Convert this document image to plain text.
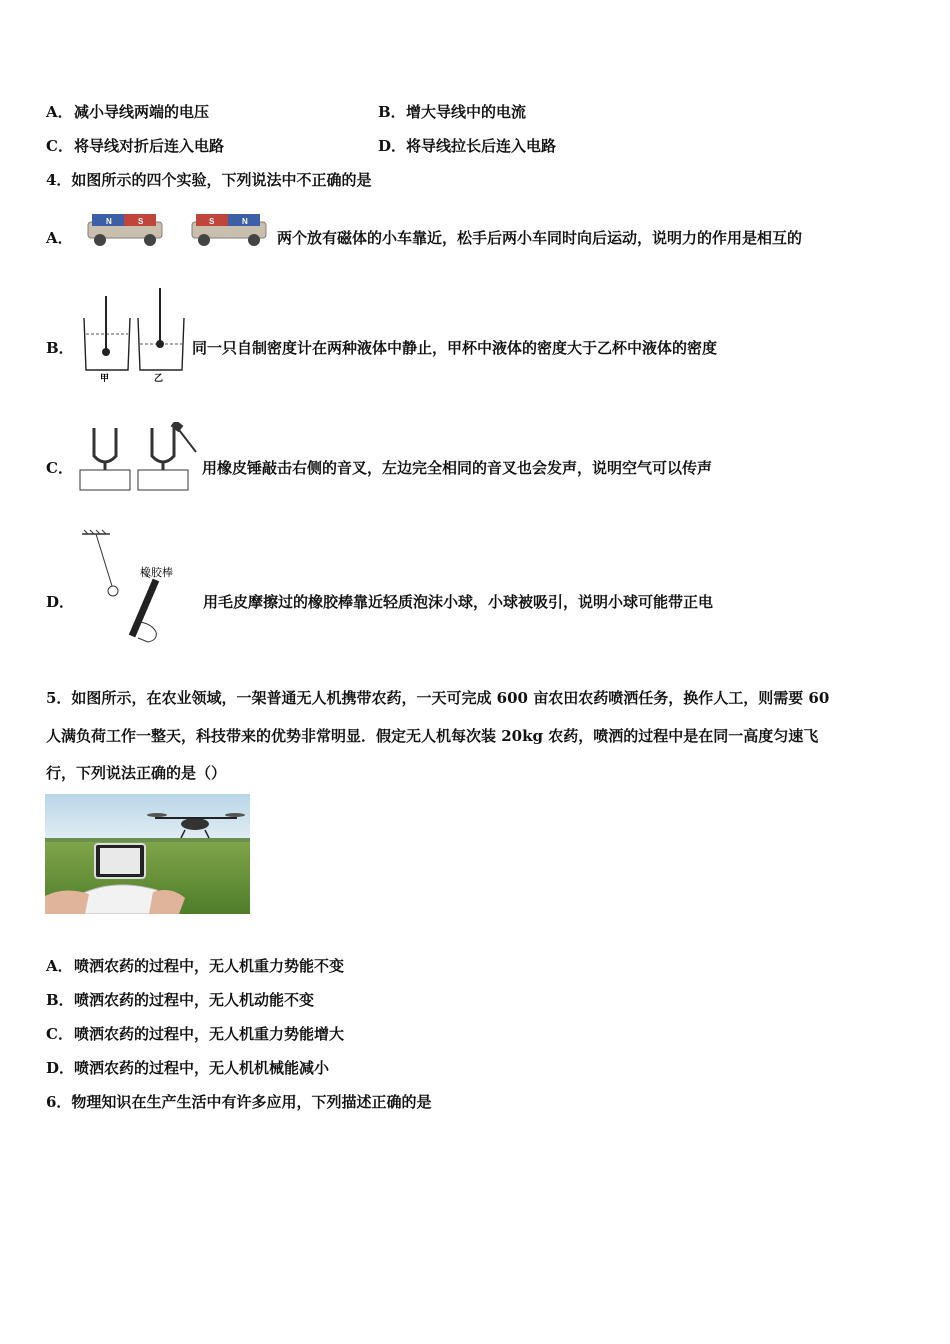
A．减小导线两端的电压	B．增大导线中的电流
C．将导线对折后连入电路	D．将导线拉长后连入电路
4．如图所示的四个实验，下列说法中不正确的是
A．
N	S	S	N
两个放有磁体的小车靠近，松手后两小车同时向后运动，说明力的作用是相互的
B．
甲	乙
同一只自制密度计在两种液体中静止，甲杯中液体的密度大于乙杯中液体的密度
C．	用橡皮锤敲击右侧的音叉，左边完全相同的音叉也会发声，说明空气可以传声
D．
橡胶棒
用毛皮摩擦过的橡胶棒靠近轻质泡沫小球，小球被吸引，说明小球可能带正电
5．如图所示，在农业领域，一架普通无人机携带农药，一天可完成 600 亩农田农药喷洒任务，换作人工，则需要 60
人满负荷工作一整天，科技带来的优势非常明显．假定无人机每次装 20kg 农药，喷洒的过程中是在同一高度匀速飞
行，下列说法正确的是（）
A．喷洒农药的过程中，无人机重力势能不变
B．喷洒农药的过程中，无人机动能不变
C．喷洒农药的过程中，无人机重力势能增大
D．喷洒农药的过程中，无人机机械能减小
6．物理知识在生产生活中有许多应用，下列描述正确的是
